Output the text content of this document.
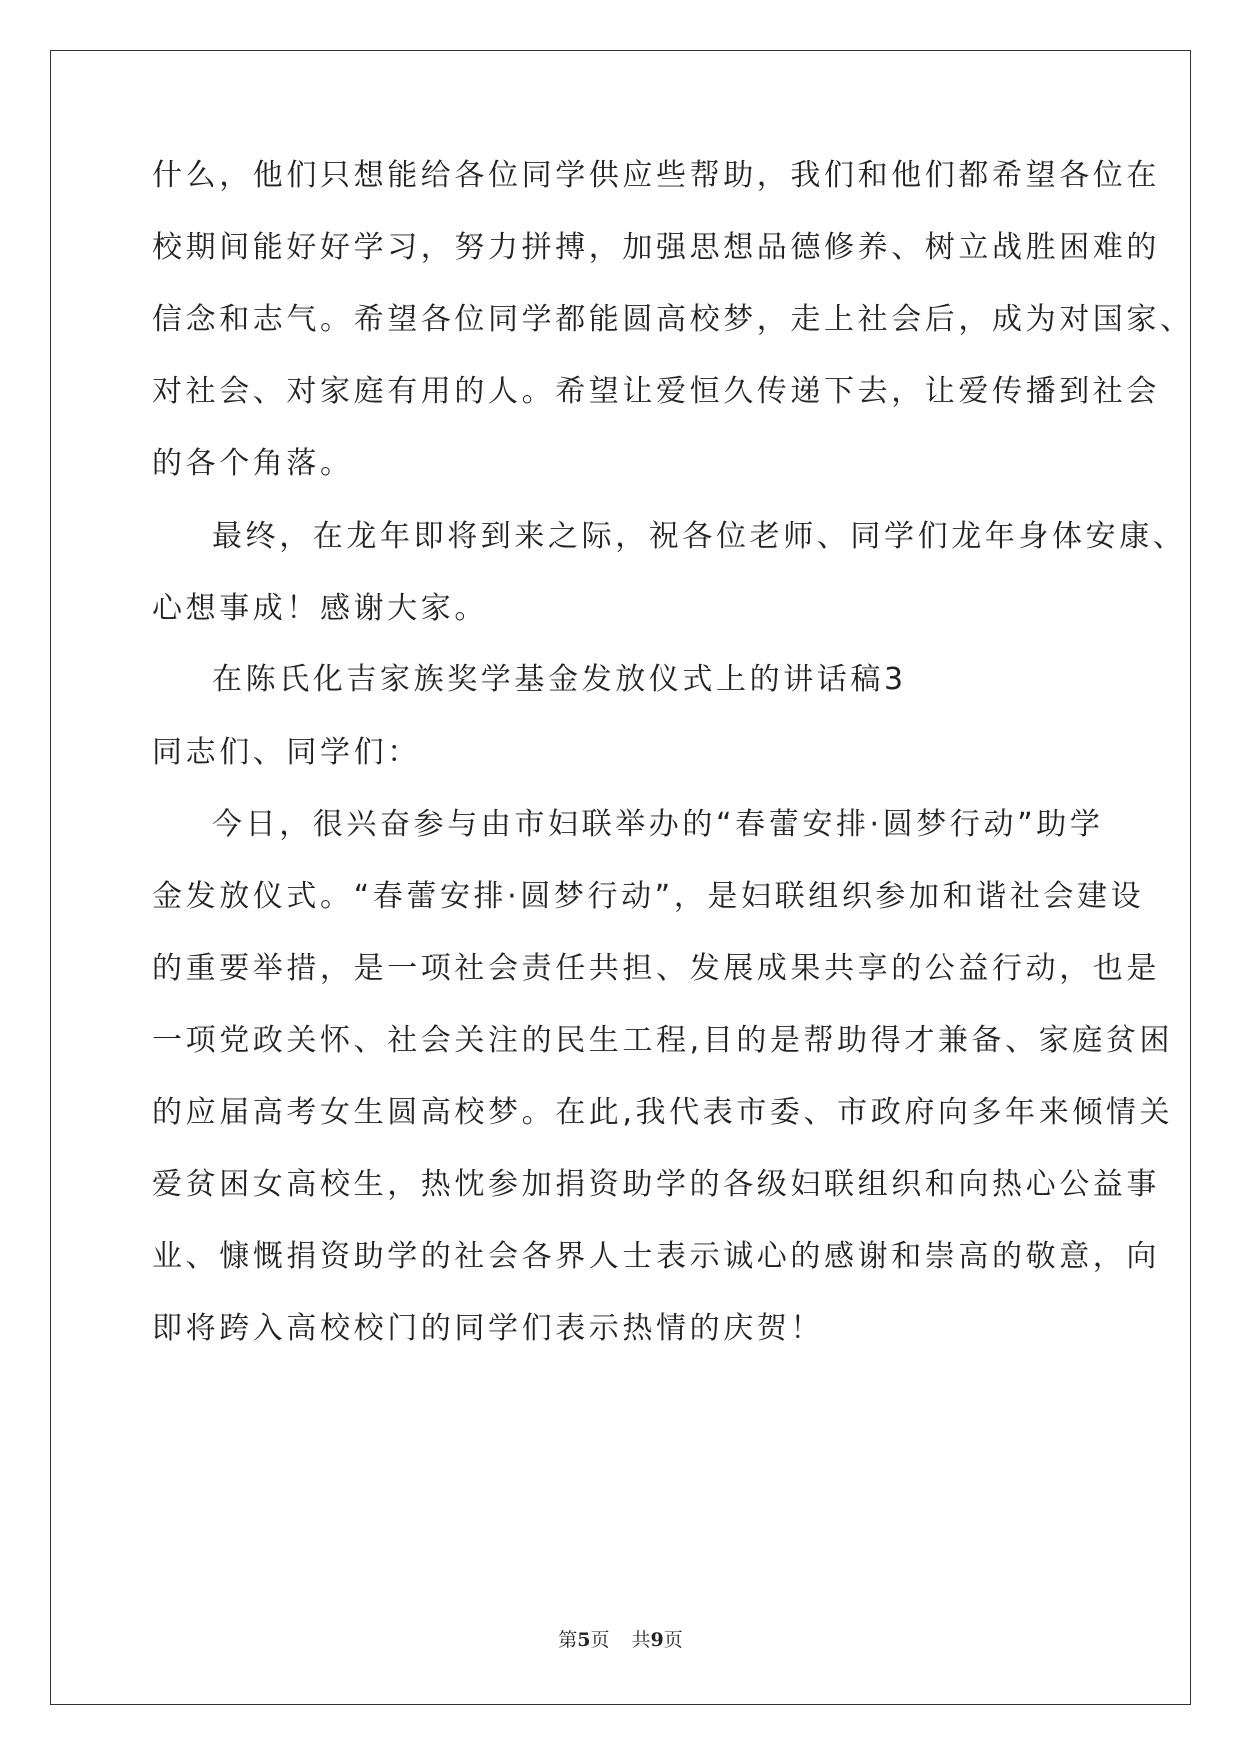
什么，他们只想能给各位同学供应些帮助，我们和他们都希望各位在
校期间能好好学习，努力拼搏，加强思想品德修养、树立战胜困难的
信念和志气。希望各位同学都能圆高校梦，走上社会后，成为对国家、
对社会、对家庭有用的人。希望让爱恒久传递下去，让爱传播到社会
的各个角落。
最终，在龙年即将到来之际，祝各位老师、同学们龙年身体安康、
心想事成！感谢大家。
在陈氏化吉家族奖学基金发放仪式上的讲话稿3
同志们、同学们：
今日，很兴奋参与由市妇联举办的“春蕾安排·圆梦行动”助学
金发放仪式。“春蕾安排·圆梦行动”，是妇联组织参加和谐社会建设
的重要举措，是一项社会责任共担、发展成果共享的公益行动，也是
一项党政关怀、社会关注的民生工程,目的是帮助得才兼备、家庭贫困
的应届高考女生圆高校梦。在此,我代表市委、市政府向多年来倾情关
爱贫困女高校生，热忱参加捐资助学的各级妇联组织和向热心公益事
业、慷慨捐资助学的社会各界人士表示诚心的感谢和崇高的敬意，向
即将跨入高校校门的同学们表示热情的庆贺！
第5页 共9页
